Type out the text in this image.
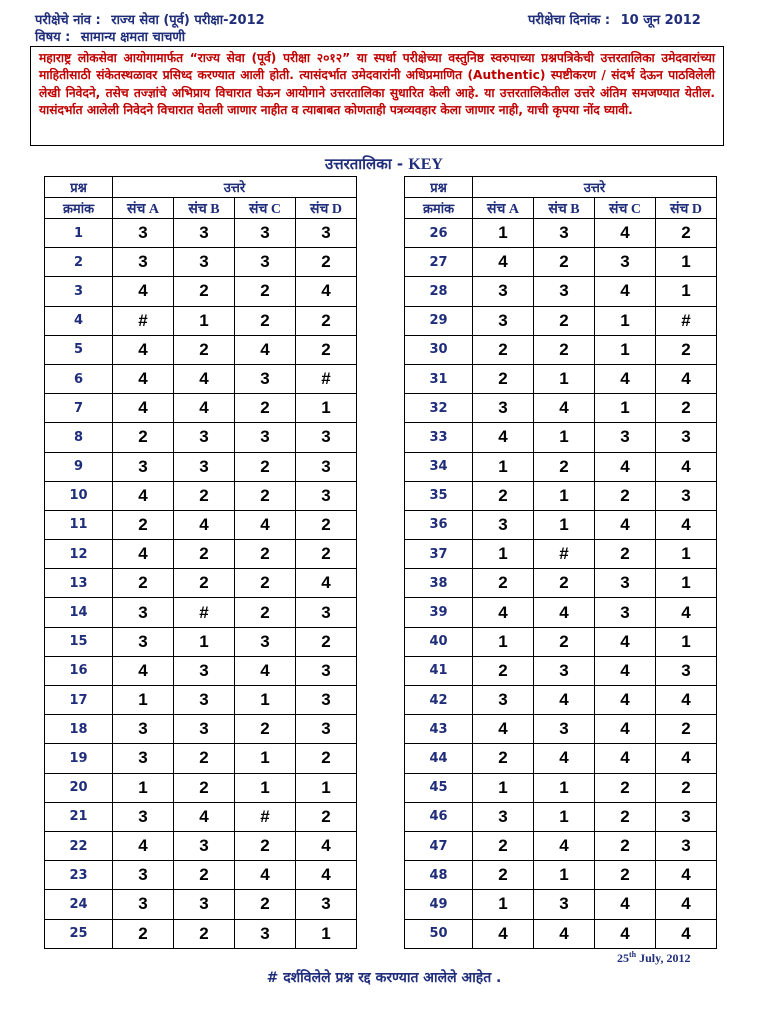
परीक्षेचे नांव : राज्य सेवा (पूर्व) परीक्षा-2012
विषय : सामान्य क्षमता चाचणी
परीक्षेचा दिनांक : 10 जून 2012
महाराष्ट्र लोकसेवा आयोगामार्फत “राज्य सेवा (पूर्व) परीक्षा २०१२” या स्पर्धा परीक्षेच्या वस्तुनिष्ठ स्वरुपाच्या प्रश्नपत्रिकेची उत्तरतालिका उमेदवारांच्या माहितीसाठी संकेतस्थळावर प्रसिध्द करण्यात आली होती. त्यासंदर्भात उमेदवारांनी अधिप्रमाणित (Authentic) स्पष्टीकरण / संदर्भ देऊन पाठविलेली लेखी निवेदने, तसेच तज्ज्ञांचे अभिप्राय विचारात घेऊन आयोगाने उत्तरतालिका सुधारित केली आहे. या उत्तरतालिकेतील उत्तरे अंतिम समजण्यात येतील. यासंदर्भात आलेली निवेदने विचारात घेतली जाणार नाहीत व त्याबाबत कोणताही पत्रव्यवहार केला जाणार नाही, याची कृपया नोंद घ्यावी.
उत्तरतालिका - KEY
प्रश्न	उत्तरे			
क्रमांक	संच A	संच B	संच C	संच D
1	3	3	3	3
2	3	3	3	2
3	4	2	2	4
4	#	1	2	2
5	4	2	4	2
6	4	4	3	#
7	4	4	2	1
8	2	3	3	3
9	3	3	2	3
10	4	2	2	3
11	2	4	4	2
12	4	2	2	2
13	2	2	2	4
14	3	#	2	3
15	3	1	3	2
16	4	3	4	3
17	1	3	1	3
18	3	3	2	3
19	3	2	1	2
20	1	2	1	1
21	3	4	#	2
22	4	3	2	4
23	3	2	4	4
24	3	3	2	3
25	2	2	3	1
प्रश्न	उत्तरे			
क्रमांक	संच A	संच B	संच C	संच D
26	1	3	4	2
27	4	2	3	1
28	3	3	4	1
29	3	2	1	#
30	2	2	1	2
31	2	1	4	4
32	3	4	1	2
33	4	1	3	3
34	1	2	4	4
35	2	1	2	3
36	3	1	4	4
37	1	#	2	1
38	2	2	3	1
39	4	4	3	4
40	1	2	4	1
41	2	3	4	3
42	3	4	4	4
43	4	3	4	2
44	2	4	4	4
45	1	1	2	2
46	3	1	2	3
47	2	4	2	3
48	2	1	2	4
49	1	3	4	4
50	4	4	4	4
25th July, 2012
# दर्शविलेले प्रश्न रद्द करण्यात आलेले आहेत .
